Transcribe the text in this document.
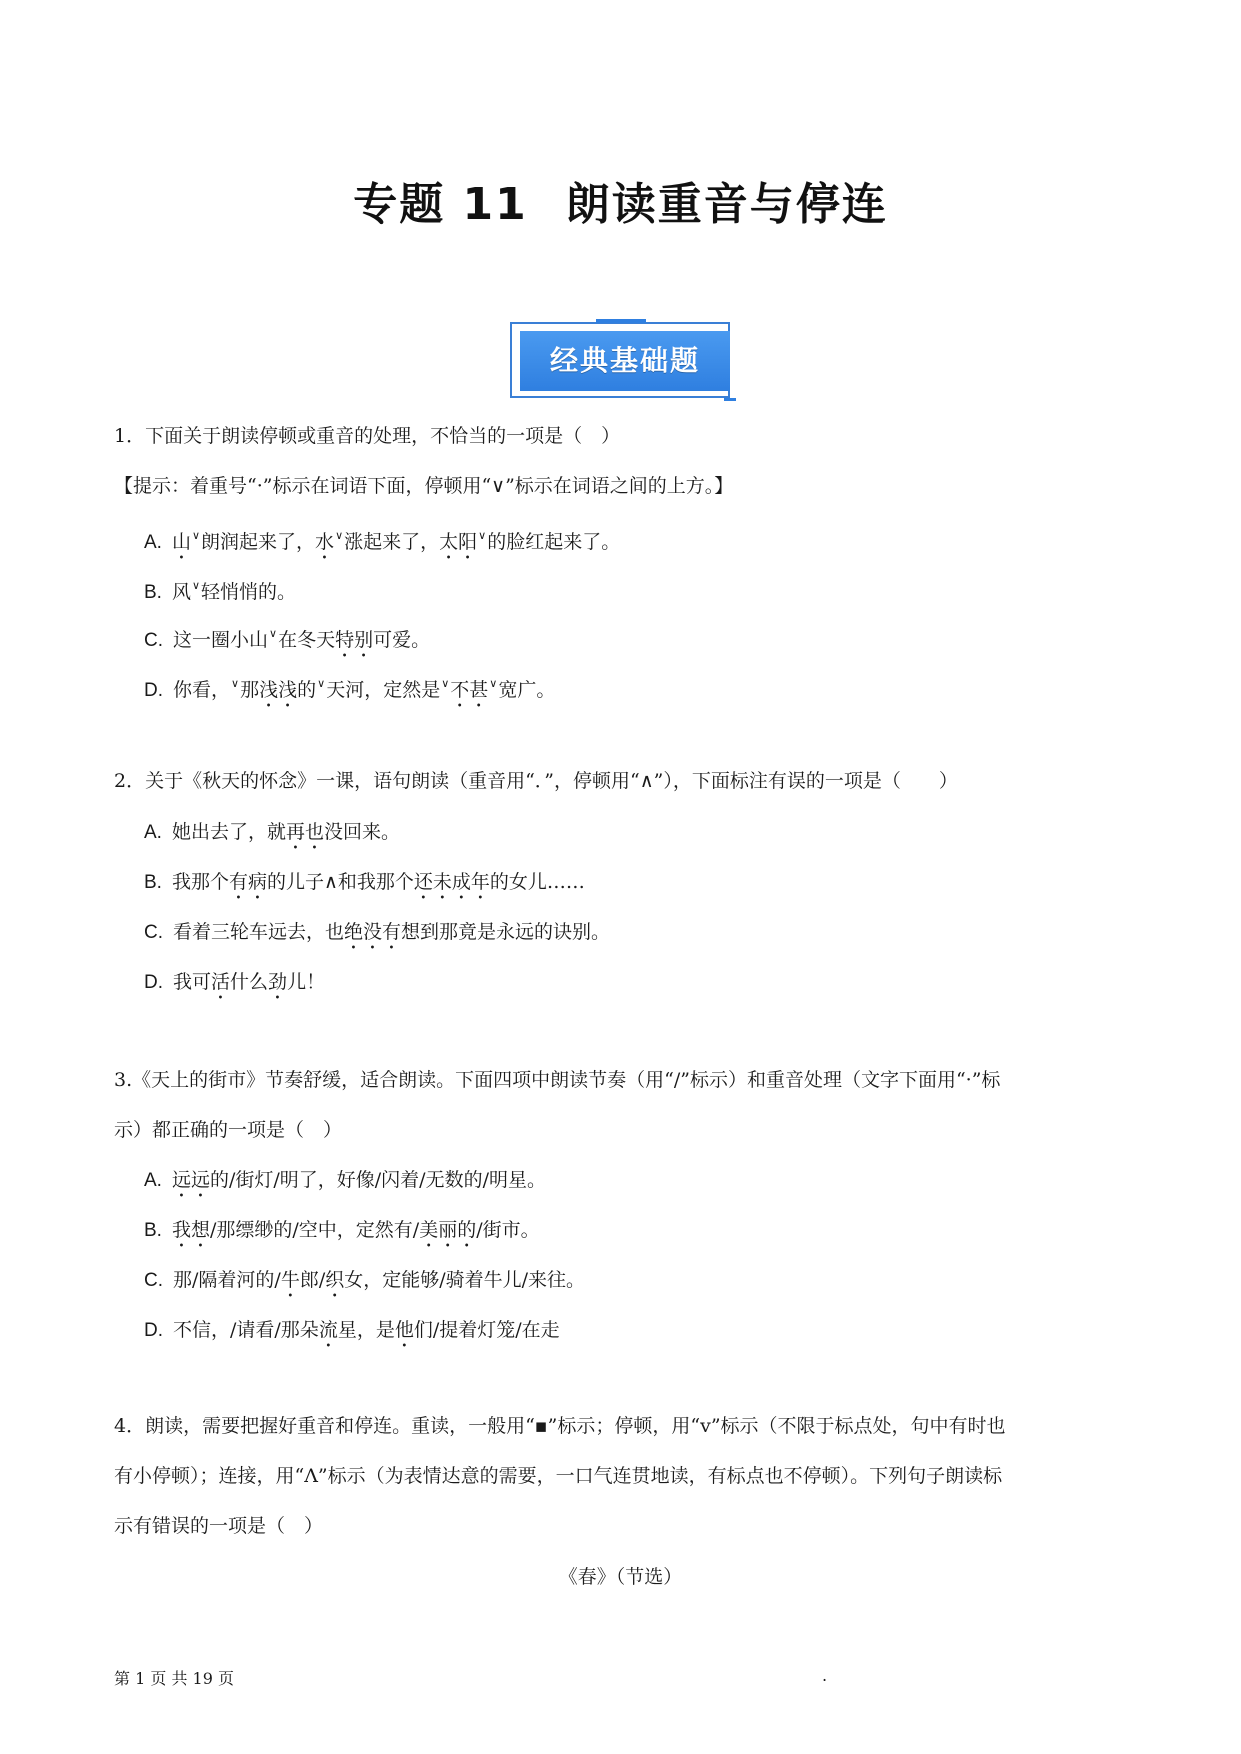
专题 11 朗读重音与停连
经典基础题
1．下面关于朗读停顿或重音的处理，不恰当的一项是（　）
【提示：着重号“·”标示在词语下面，停顿用“∨”标示在词语之间的上方。】
A. 山∨朗润起来了，水∨涨起来了，太阳∨的脸红起来了。
B. 风∨轻悄悄的。
C. 这一圈小山∨在冬天特别可爱。
D. 你看，∨那浅浅的∨天河，定然是∨不甚∨宽广。
2．关于《秋天的怀念》一课，语句朗读（重音用“．”，停顿用“∧”），下面标注有误的一项是（　　）
A. 她出去了，就再也没回来。
B. 我那个有病的儿子∧和我那个还未成年的女儿……
C. 看着三轮车远去，也绝没有想到那竟是永远的诀别。
D. 我可活什么劲儿！
3.《天上的街市》节奏舒缓，适合朗读。下面四项中朗读节奏（用“/”标示）和重音处理（文字下面用“·”标
示）都正确的一项是（　）
A. 远远的/街灯/明了，好像/闪着/无数的/明星。
B. 我想/那缥缈的/空中，定然有/美丽的/街市。
C. 那/隔着河的/牛郎/织女，定能够/骑着牛儿/来往。
D. 不信，/请看/那朵流星，是他们/提着灯笼/在走
4．朗读，需要把握好重音和停连。重读，一般用“▪”标示；停顿，用“v”标示（不限于标点处，句中有时也
有小停顿）；连接，用“Λ”标示（为表情达意的需要，一口气连贯地读，有标点也不停顿）。下列句子朗读标
示有错误的一项是（　）
《春》（节选）
第 1 页 共 19 页	.
